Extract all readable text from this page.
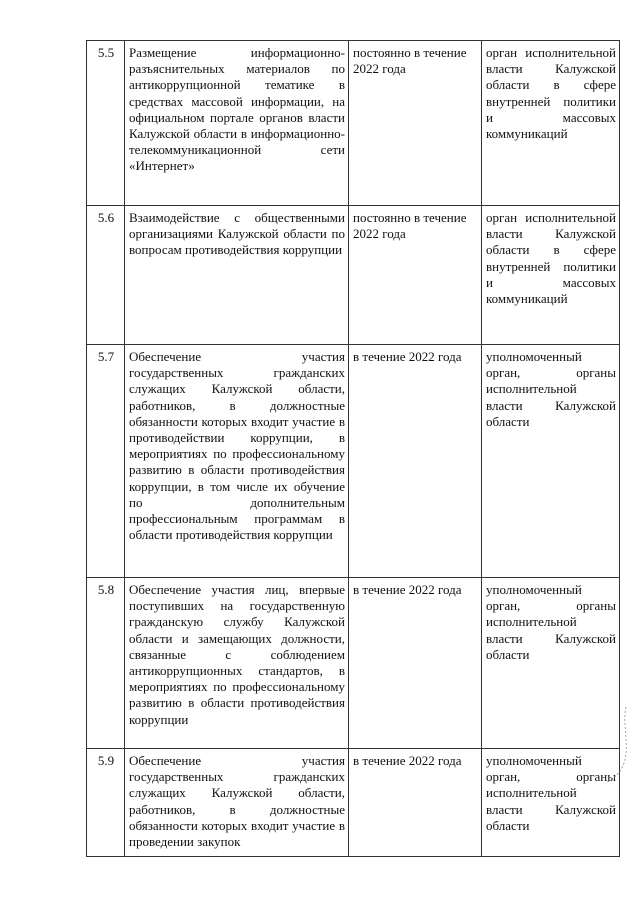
5.5	Размещение информационно-разъяснительных материалов по антикоррупционной тематике в средствах массовой информации, на официальном портале органов власти Калужской области в информационно-телекоммуникационной сети «Интернет»	постоянно в течение 2022 года	орган исполнительной власти Калужской области в сфере внутренней политики и массовых коммуникаций
5.6	Взаимодействие с общественными организациями Калужской области по вопросам противодействия коррупции	постоянно в течение 2022 года	орган исполнительной власти Калужской области в сфере внутренней политики и массовых коммуникаций
5.7	Обеспечение участия государственных гражданских служащих Калужской области, работников, в должностные обязанности которых входит участие в противодействии коррупции, в мероприятиях по профессиональному развитию в области противодействия коррупции, в том числе их обучение по дополнительным профессиональным программам в области противодействия коррупции	в течение 2022 года	уполномоченный орган, органы исполнительной власти Калужской области
5.8	Обеспечение участия лиц, впервые поступивших на государственную гражданскую службу Калужской области и замещающих должности, связанные с соблюдением антикоррупционных стандартов, в мероприятиях по профессиональному развитию в области противодействия коррупции	в течение 2022 года	уполномоченный орган, органы исполнительной власти Калужской области
5.9	Обеспечение участия государственных гражданских служащих Калужской области, работников, в должностные обязанности которых входит участие в проведении закупок	в течение 2022 года	уполномоченный орган, органы исполнительной власти Калужской области
